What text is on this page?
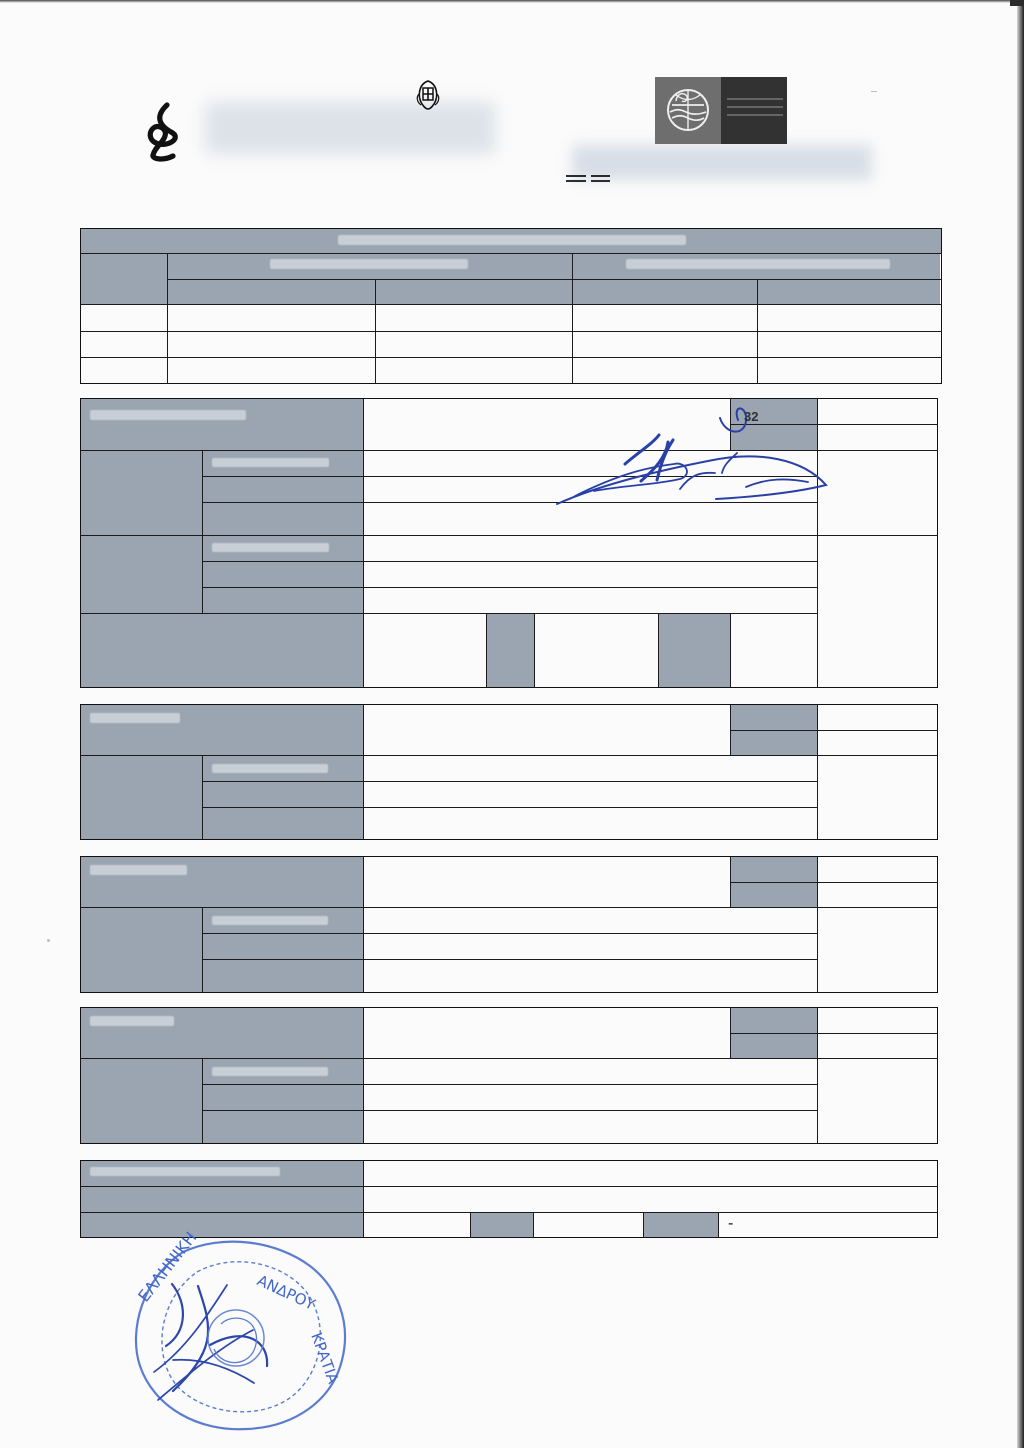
32
-
ΕΛΛΗΝΙΚΗ	ΑΝΔΡΟΥ
ΚΡΑΤΙΑ
